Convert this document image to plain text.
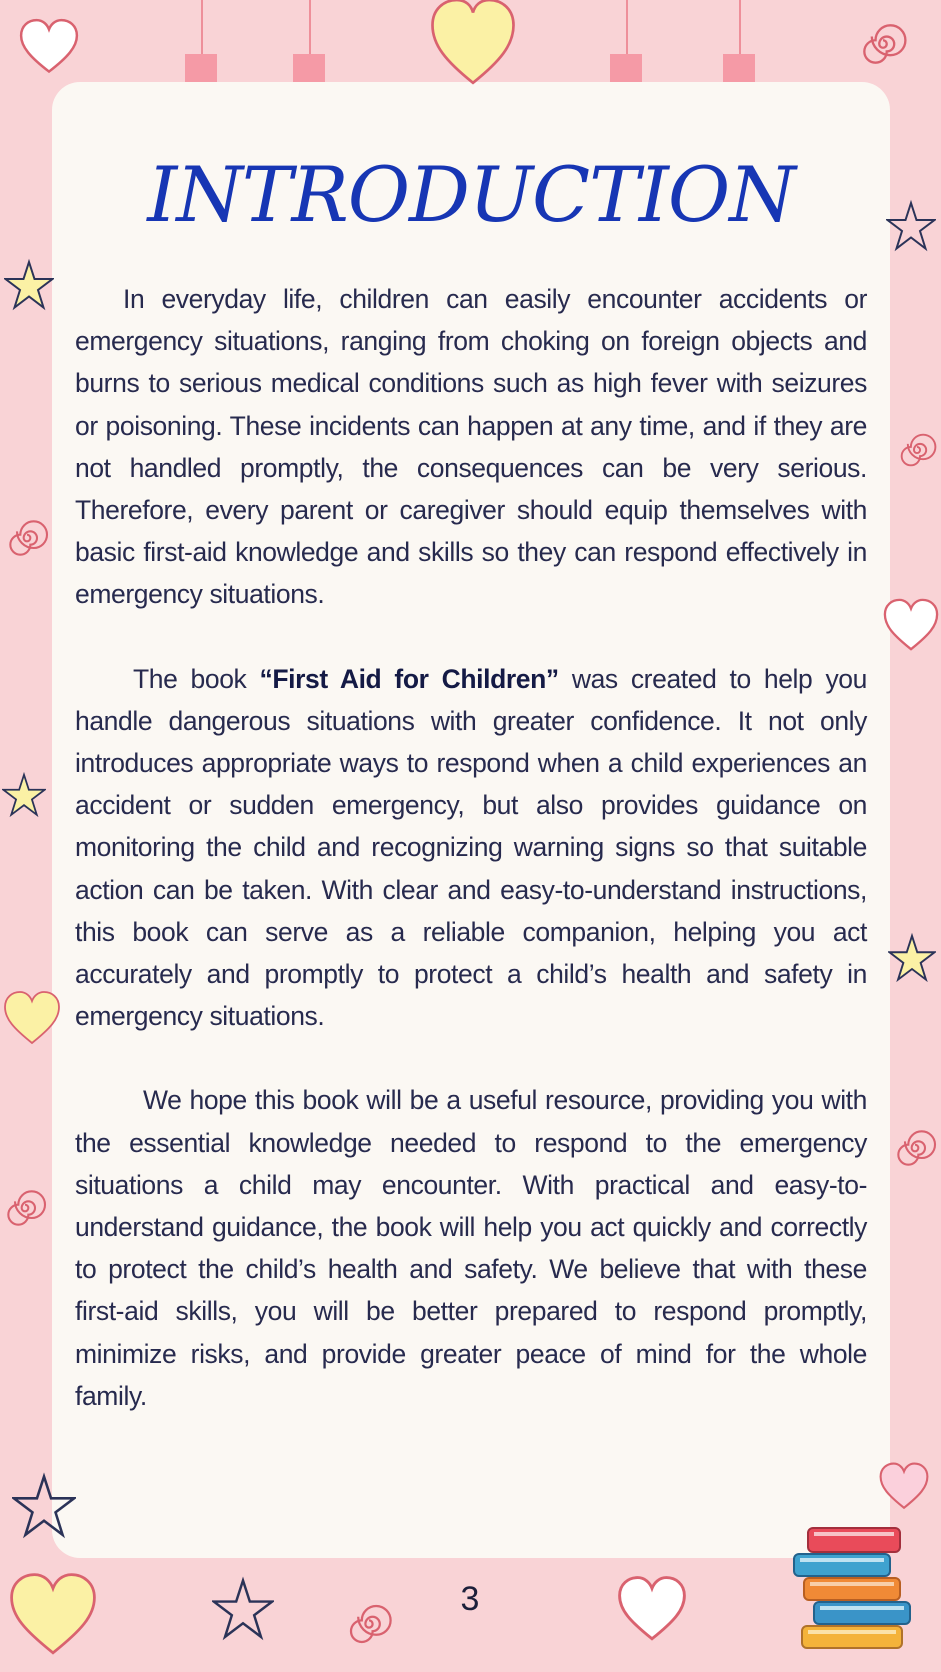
INTRODUCTION

In everyday life, children can easily encounter accidents or emergency situations, ranging from choking on foreign objects and burns to serious medical conditions such as high fever with seizures or poisoning. These incidents can happen at any time, and if they are not handled promptly, the consequences can be very serious. Therefore, every parent or caregiver should equip themselves with basic first-aid knowledge and skills so they can respond effectively in emergency situations.

The book “First Aid for Children” was created to help you handle dangerous situations with greater confidence. It not only introduces appropriate ways to respond when a child experiences an accident or sudden emergency, but also provides guidance on monitoring the child and recognizing warning signs so that suitable action can be taken. With clear and easy-to-understand instructions, this book can serve as a reliable companion, helping you act accurately and promptly to protect a child’s health and safety in emergency situations.

We hope this book will be a useful resource, providing you with the essential knowledge needed to respond to the emergency situations a child may encounter. With practical and easy-to-understand guidance, the book will help you act quickly and correctly to protect the child’s health and safety. We believe that with these first-aid skills, you will be better prepared to respond promptly, minimize risks, and provide greater peace of mind for the whole family.

3
